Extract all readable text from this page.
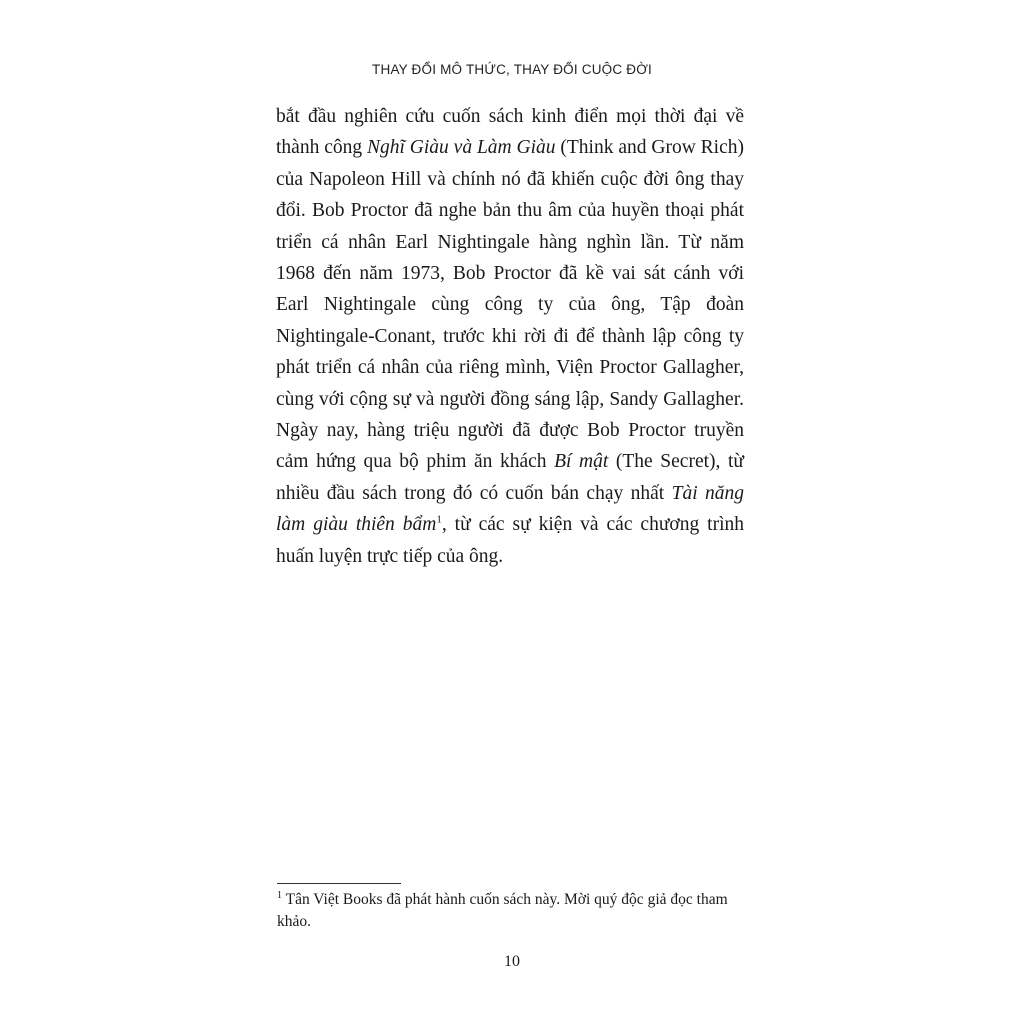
THAY ĐỔI MÔ THỨC, THAY ĐỔI CUỘC ĐỜI

bắt đầu nghiên cứu cuốn sách kinh điển mọi thời đại về thành công Nghĩ Giàu và Làm Giàu (Think and Grow Rich) của Napoleon Hill và chính nó đã khiến cuộc đời ông thay đổi. Bob Proctor đã nghe bản thu âm của huyền thoại phát triển cá nhân Earl Nightingale hàng nghìn lần. Từ năm 1968 đến năm 1973, Bob Proctor đã kề vai sát cánh với Earl Nightingale cùng công ty của ông, Tập đoàn Nightingale-Conant, trước khi rời đi để thành lập công ty phát triển cá nhân của riêng mình, Viện Proctor Gallagher, cùng với cộng sự và người đồng sáng lập, Sandy Gallagher. Ngày nay, hàng triệu người đã được Bob Proctor truyền cảm hứng qua bộ phim ăn khách Bí mật (The Secret), từ nhiều đầu sách trong đó có cuốn bán chạy nhất Tài năng làm giàu thiên bẩm$^1$, từ các sự kiện và các chương trình huấn luyện trực tiếp của ông.

$^1$ Tân Việt Books đã phát hành cuốn sách này. Mời quý độc giả đọc tham khảo.

10
